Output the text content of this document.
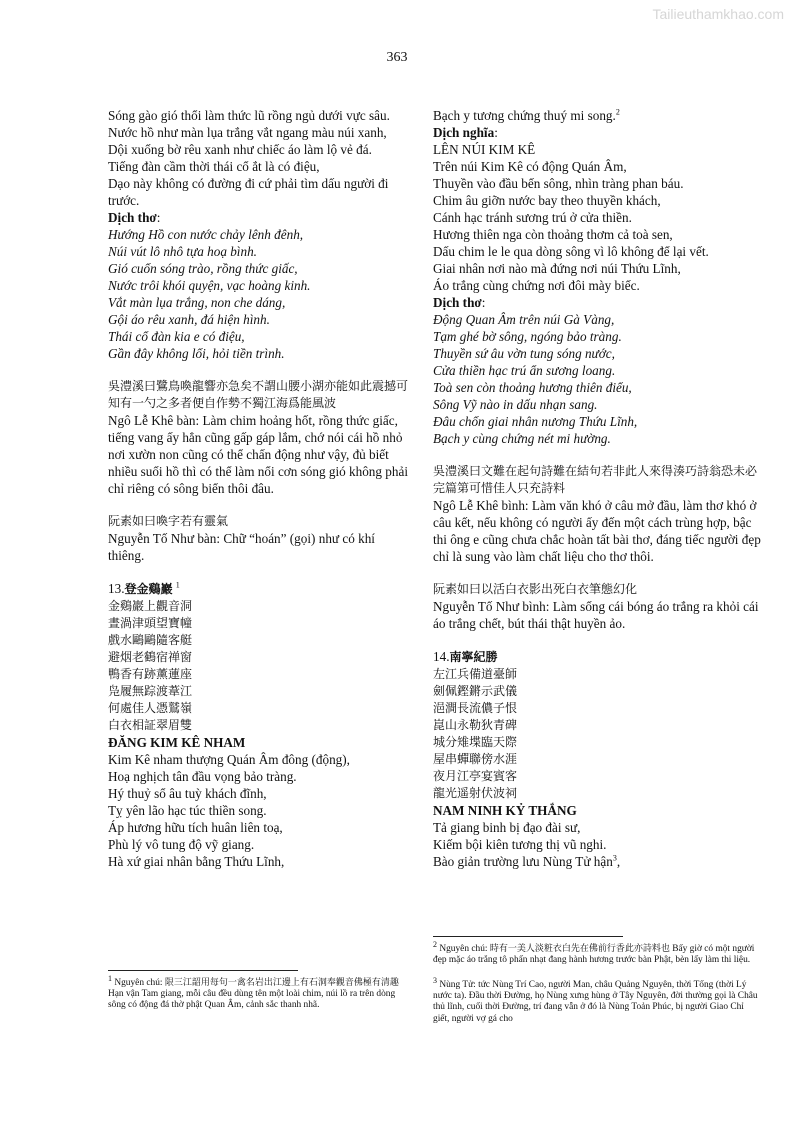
Tailieuthamkhao.com
363

Sóng gào gió thổi làm thức lũ rồng ngủ dưới vực sâu.

Nước hồ như màn lụa trắng vắt ngang màu núi xanh,

Dội xuống bờ rêu xanh như chiếc áo làm lộ vẻ đá.

Tiếng đàn cầm thời thái cổ ắt là có điệu,

Dạo này không có đường đi cứ phải tìm dấu người đi trước.

Dịch thơ:

Hướng Hồ con nước chảy lênh đênh,

Núi vút lô nhô tựa hoạ bình.

Gió cuốn sóng trào, rồng thức giấc,

Nước trôi khói quyện, vạc hoàng kinh.

Vắt màn lụa trắng, non che dáng,

Gội áo rêu xanh, đá hiện hình.

Thái cổ đàn kia e có điệu,

Gần đây không lối, hỏi tiền trình.

吳澧溪曰鷺鳥喚龍響亦急矣不謂山腰小湖亦能如此震撼可知有一勺之多者便自作勢不獨江海爲能風波

Ngô Lễ Khê bàn: Làm chim hoảng hốt, rồng thức giấc, tiếng vang ấy hẳn cũng gấp gáp lắm, chớ nói cái hồ nhỏ nơi xườn non cũng có thể chấn động như vậy, đủ biết nhiều suối hồ thì có thể làm nổi cơn sóng gió không phải chỉ riêng có sông biển thôi đâu.

阮素如曰喚字若有靈氣

Nguyễn Tố Như bàn: Chữ “hoán” (gọi) như có khí thiêng.

13.登金鷄巖 $^1$

金鷄巖上觀音洞

晝渦津頭望寶幢

戲水鷗鷗隨客艇

避烟老鶴宿禅窗

鴨香有跡薰蓮座

凫履無踪渡葦江

何處佳人憑鷲嶺

白衣相証翠眉雙

ĐĂNG KIM KÊ NHAM

Kim Kê nham thượng Quán Âm đông (động),

Hoạ nghịch tân đầu vọng bảo tràng.

Hý thuỷ sổ âu tuỳ khách đĩnh,

Tỵ yên lão hạc túc thiền song.

Áp hương hữu tích huân liên toạ,

Phù lý vô tung độ vỹ giang.

Hà xứ giai nhân bằng Thứu Lĩnh,

$^1$ Nguyên chú: 限三江韶用每句一禽名岩出江邊上有石洞奉觀音佛極有清趣 Hạn vận Tam giang, mỗi câu đều dùng tên một loài chim, núi lồ ra trên dòng sông có động đá thờ phật Quan Âm, cảnh sắc thanh nhã.

Bạch y tương chứng thuý mi song.$^2$

Dịch nghĩa:

LÊN NÚI KIM KÊ

Trên núi Kim Kê có động Quán Âm,

Thuyền vào đầu bến sông, nhìn tràng phan báu.

Chim âu giỡn nước bay theo thuyền khách,

Cánh hạc tránh sương trú ở cửa thiền.

Hương thiên nga còn thoảng thơm cả toà sen,

Dấu chim le le qua dòng sông vì lô không để lại vết.

Giai nhân nơi nào mà đứng nơi núi Thứu Lĩnh,

Áo trắng cùng chứng nơi đôi mày biếc.

Dịch thơ:

Động Quan Âm trên núi Gà Vàng,

Tạm ghé bờ sông, ngóng bảo tràng.

Thuyền sứ âu vờn tung sóng nước,

Cửa thiền hạc trú ẩn sương loang.

Toà sen còn thoảng hương thiên điểu,

Sông Vỹ nào in dấu nhạn sang.

Đâu chốn giai nhân nương Thứu Lĩnh,

Bạch y cùng chứng nét mi hường.

吳澧溪曰文難在起句詩難在結句若非此人來得湊巧詩翁恐未必完篇第可惜佳人只充詩料

Ngô Lễ Khê bình: Làm văn khó ở câu mở đầu, làm thơ khó ở câu kết, nếu không có người ấy đến một cách trùng hợp, bậc thi ông e cũng chưa chắc hoàn tất bài thơ, đáng tiếc người đẹp chỉ là sung vào làm chất liệu cho thơ thôi.

阮素如曰以活白衣影出死白衣筆態幻化

Nguyễn Tố Như bình: Làm sống cái bóng áo trắng ra khỏi cái áo trắng chết, bút thái thật huyền ảo.

14.南寧紀勝

左江兵備道臺師

劍佩鏗鏘示武儀

浥澗長流儂子恨

崑山永勒狄青碑

城分雉堞臨天際

屋串蟬聯傍水涯

夜月江亭宴賓客

龍光遥射伏波祠

NAM NINH KỶ THẮNG

Tả giang binh bị đạo đài sư,

Kiếm bội kiên tương thị vũ nghi.

Bào giản trường lưu Nùng Tử hận$^3$,

$^2$ Nguyên chú: 時有一美人淡粧衣白先在佛前行香此亦詩料也 Bấy giờ có một người đẹp mặc áo trắng tô phấn nhạt đang hành hương trước bàn Phật, bèn lấy làm thi liệu.
$^3$ Nùng Tử: tức Nùng Trí Cao, người Man, châu Quảng Nguyên, thời Tống (thời Lý nước ta). Đầu thời Đường, họ Nùng xưng hùng ở Tây Nguyên, đời thường gọi là Châu thủ lĩnh, cuối thời Đường, trí đang vẫn ở đó là Nùng Toản Phúc, bị người Giao Chỉ giết, người vợ gá cho
